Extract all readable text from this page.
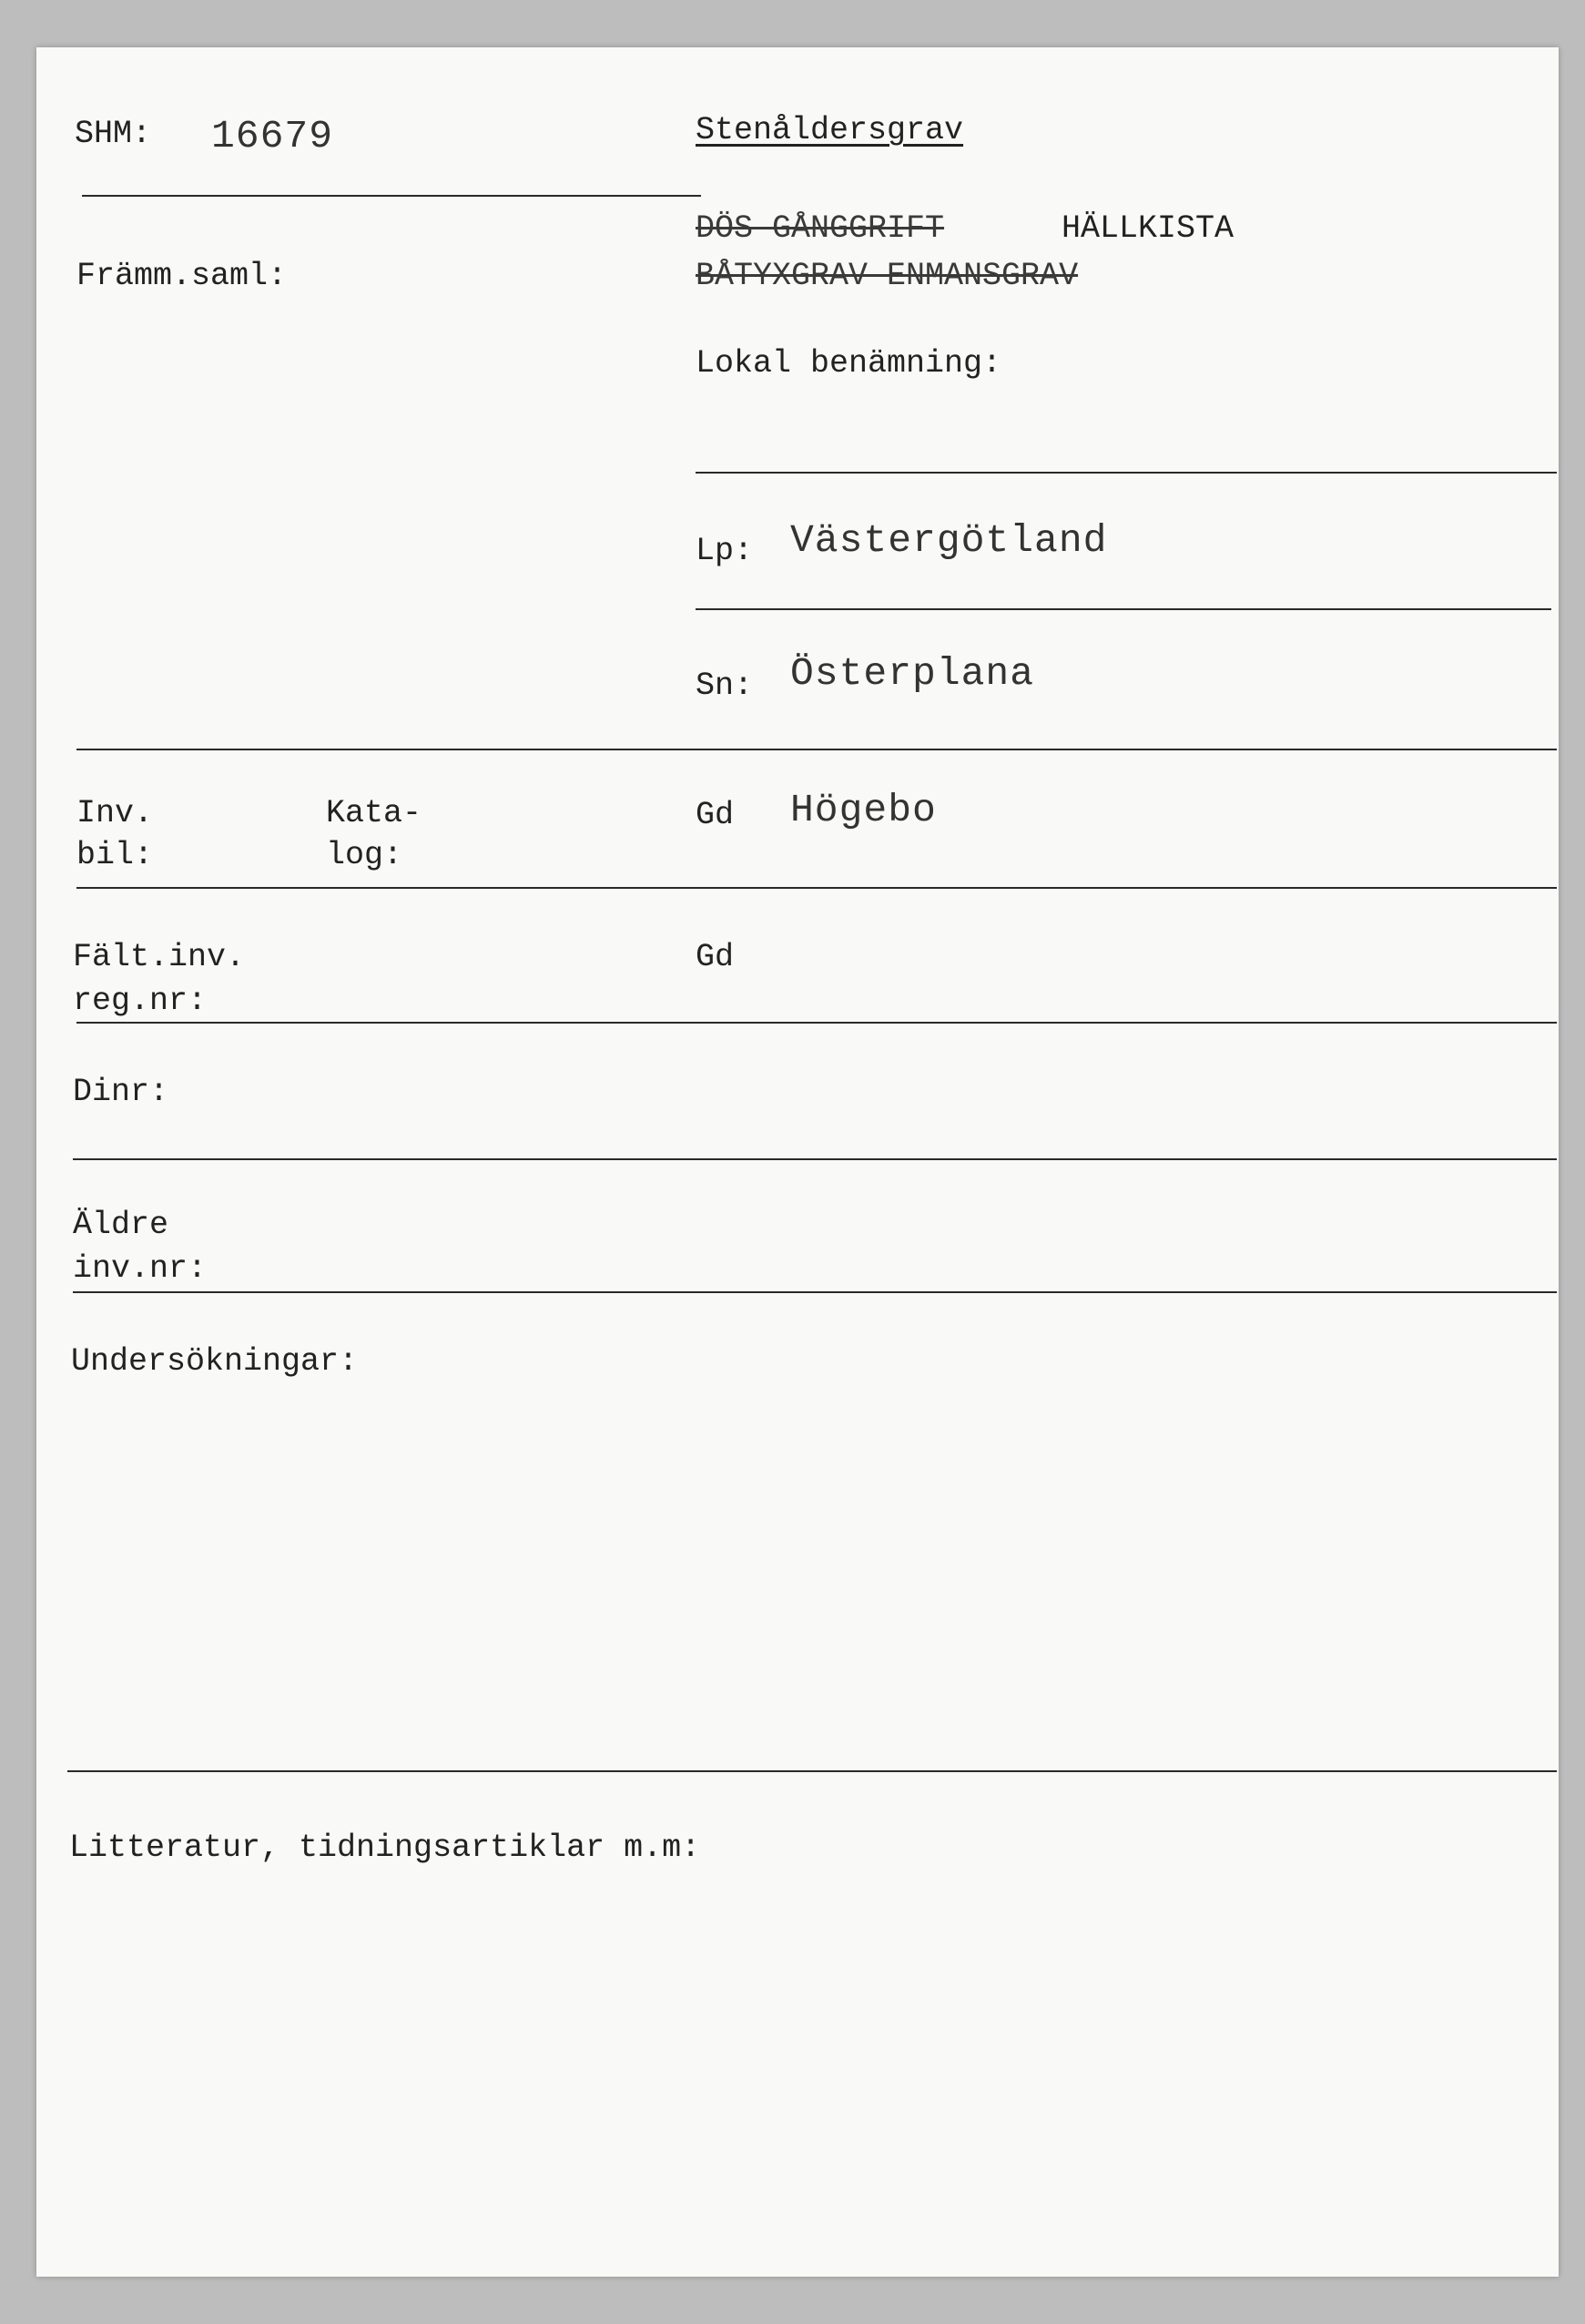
SHM: 16679	Stenåldersgrav
DÖS GÅNGGRIFT	HÄLLKISTA
BÅTYXGRAV ENMANSGRAV
Främm.saml:
Lokal benämning:
Lp: Västergötland
Sn: Österplana
Inv.
bil:
Kata-
log:
Gd Högebo
Fält.inv.
reg.nr:
Gd
Dinr:
Äldre
inv.nr:
Undersökningar:
Litteratur, tidningsartiklar m.m:
